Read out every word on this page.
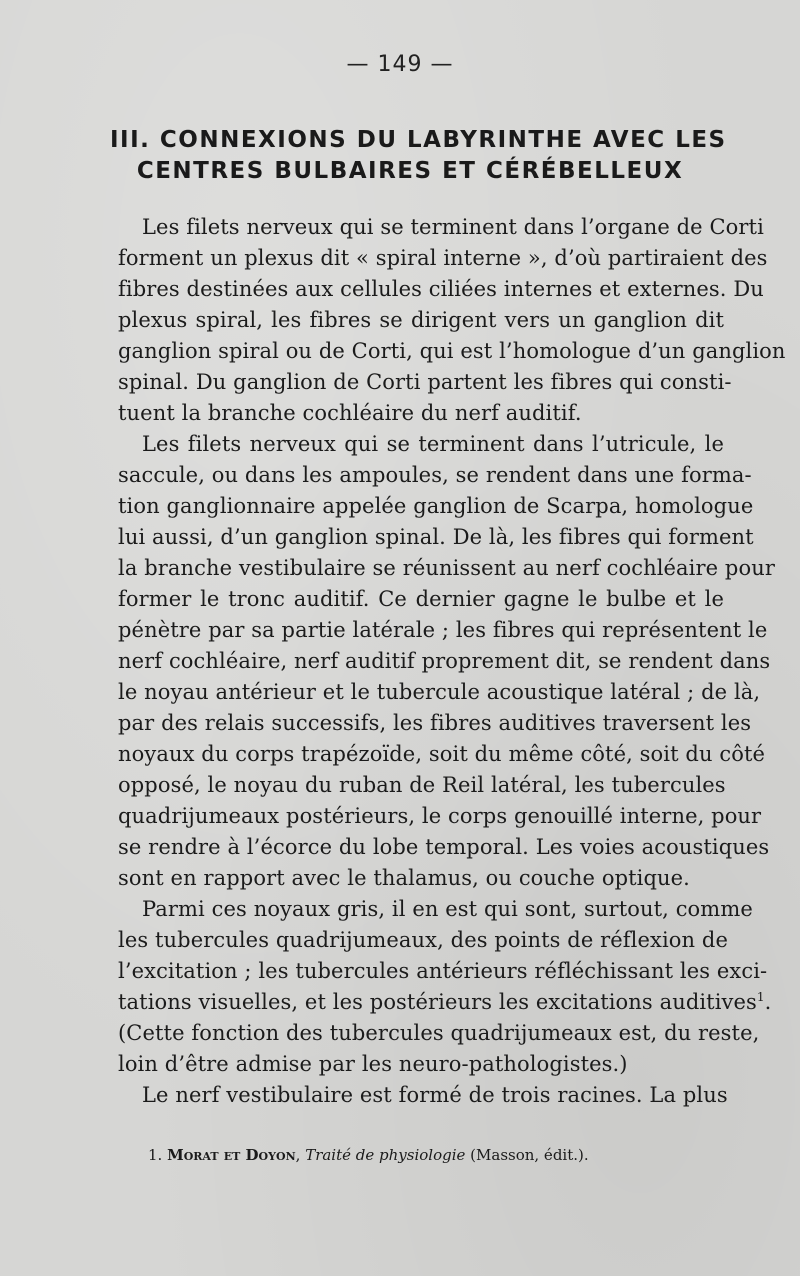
— 149 —
III. CONNEXIONS DU LABYRINTHE AVEC LES
CENTRES BULBAIRES ET CÉRÉBELLEUX
Les filets nerveux qui se terminent dans l’organe de Corti
forment un plexus dit « spiral interne », d’où partiraient des
fibres destinées aux cellules ciliées internes et externes. Du
plexus spiral, les fibres se dirigent vers un ganglion dit
ganglion spiral ou de Corti, qui est l’homologue d’un ganglion
spinal. Du ganglion de Corti partent les fibres qui consti-
tuent la branche cochléaire du nerf auditif.
Les filets nerveux qui se terminent dans l’utricule, le
saccule, ou dans les ampoules, se rendent dans une forma-
tion ganglionnaire appelée ganglion de Scarpa, homologue
lui aussi, d’un ganglion spinal. De là, les fibres qui forment
la branche vestibulaire se réunissent au nerf cochléaire pour
former le tronc auditif. Ce dernier gagne le bulbe et le
pénètre par sa partie latérale ; les fibres qui représentent le
nerf cochléaire, nerf auditif proprement dit, se rendent dans
le noyau antérieur et le tubercule acoustique latéral ; de là,
par des relais successifs, les fibres auditives traversent les
noyaux du corps trapézoïde, soit du même côté, soit du côté
opposé, le noyau du ruban de Reil latéral, les tubercules
quadrijumeaux postérieurs, le corps genouillé interne, pour
se rendre à l’écorce du lobe temporal. Les voies acoustiques
sont en rapport avec le thalamus, ou couche optique.
Parmi ces noyaux gris, il en est qui sont, surtout, comme
les tubercules quadrijumeaux, des points de réflexion de
l’excitation ; les tubercules antérieurs réfléchissant les exci-
tations visuelles, et les postérieurs les excitations auditives$^1$.
(Cette fonction des tubercules quadrijumeaux est, du reste,
loin d’être admise par les neuro-pathologistes.)
Le nerf vestibulaire est formé de trois racines. La plus
1. Morat et Doyon, Traité de physiologie (Masson, édit.).
